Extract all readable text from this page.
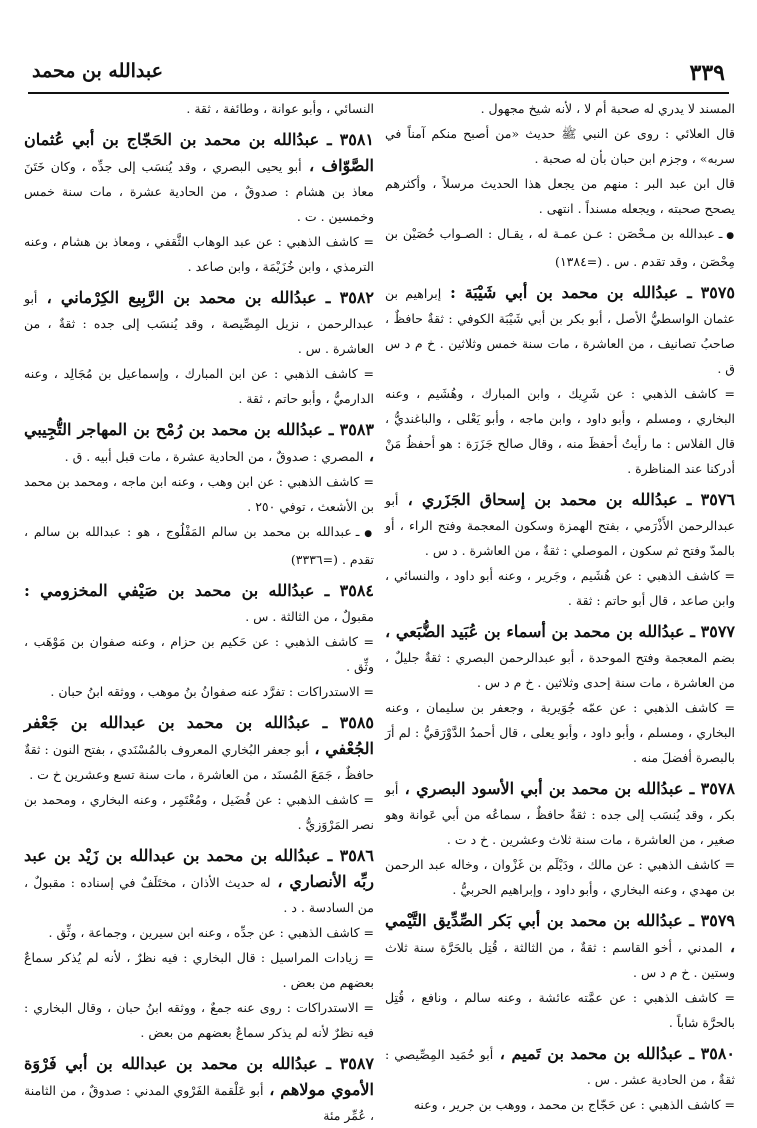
٣٣٩
عبدالله بن محمد

المسند لا يدري له صحبة أم لا ، لأنه شيخ مجهول .

قال العلائي : روى عن النبي ﷺ حديث «من أصبح منكم آمناً في سربه» ، وجزم ابن حبان بأن له صحبة .

قال ابن عبد البر : منهم من يجعل هذا الحديث مرسلاً ، وأكثرهم يصحح صحبته ، ويجعله مسنداً . انتهى .

● ـ عبدالله بن مـحْصَن : عـن عمـة له ، يقـال : الصـواب حُصَيْن بن مِحْصَن ، وقد تقدم . س . (=١٣٨٤)

٣٥٧٥ ـ عبدُالله بن محمد بن أبي شَيْبَة : إبراهيم بن عثمان الواسطيُّ الأصل ، أبو بكر بن أبي شَيْبَة الكوفي : ثقةٌ حافظٌ ، صاحبُ تصانيف ، من العاشرة ، مات سنة خمس وثلاثين . خ م د س ق .

= كاشف الذهبي : عن شَرِيك ، وابن المبارك ، وهُشَيم ، وعنه البخاري ، ومسلم ، وأبو داود ، وابن ماجه ، وأبو يَعْلى ، والباغنديُّ ، قال الفلاس : ما رأيتُ أحفظَ منه ، وقال صالح جَزَرَة : هو أحفظُ مَنْ أدركنا عند المناظرة .

٣٥٧٦ ـ عبدُالله بن محمد بن إسحاق الجَزَري ، أبو عبدالرحمن الأَذْرَمي ، بفتح الهمزة وسكون المعجمة وفتح الراء ، أو بالمدّ وفتح ثم سكون ، الموصلي : ثقةٌ ، من العاشرة . د س .

= كاشف الذهبي : عن هُشَيم ، وجَرير ، وعنه أبو داود ، والنسائي ، وابن صاعد ، قال أبو حاتم : ثقة .

٣٥٧٧ ـ عبدُالله بن محمد بن أسماء بن عُبَيد الضُّبَعي ، بضم المعجمة وفتح الموحدة ، أبو عبدالرحمن البصري : ثقةٌ جليلٌ ، من العاشرة ، مات سنة إحدى وثلاثين . خ م د س .

= كاشف الذهبي : عن عمّه جُوَيرية ، وجعفر بن سليمان ، وعنه البخاري ، ومسلم ، وأبو داود ، وأبو يعلى ، قال أحمدُ الدَّوْرَقيُّ : لم أرَ بالبصرة أفضلَ منه .

٣٥٧٨ ـ عبدُالله بن محمد بن أبي الأسود البصري ، أبو بكر ، وقد يُنسَب إلى جده : ثقةٌ حافظٌ ، سماعُه من أبي عَوانة وهو صغير ، من العاشرة ، مات سنة ثلاث وعشرين . خ د ت .

= كاشف الذهبي : عن مالك ، ودَيْلَم بن غَزْوان ، وخاله عبد الرحمن بن مهدي ، وعنه البخاري ، وأبو داود ، وإبراهيم الحربيُّ .

٣٥٧٩ ـ عبدُالله بن محمد بن أبي بَكر الصِّدِّيق التَّيْمي ، المدني ، أخو القاسم : ثقةٌ ، من الثالثة ، قُتِل بالحَرَّة سنة ثلاث وستين . خ م د س .

= كاشف الذهبي : عن عمَّته عائشة ، وعنه سالم ، ونافع ، قُتِل بالحرَّة شاباً .

٣٥٨٠ ـ عبدُالله بن محمد بن تَميم ، أبو حُمَيد المِصِّيصي : ثقةٌ ، من الحادية عشر . س .

= كاشف الذهبي : عن حَجّاج بن محمد ، ووهب بن جرير ، وعنه

النسائي ، وأبو عوانة ، وطائفة ، ثقة .

٣٥٨١ ـ عبدُالله بن محمد بن الحَجّاج بن أبي عُثمان الصَّوّاف ، أبو يحيى البصري ، وقد يُنسَب إلى جدِّه ، وكان خَتَنَ معاذ بن هشام : صدوقٌ ، من الحادية عشرة ، مات سنة خمس وخمسين . ت .

= كاشف الذهبي : عن عبد الوهاب الثَّقفي ، ومعاذ بن هشام ، وعنه الترمذي ، وابن خُزَيْمَة ، وابن صاعد .

٣٥٨٢ ـ عبدُالله بن محمد بن الرَّبِيع الكِرْماني ، أبو عبدالرحمن ، نزيل المِصِّيصة ، وقد يُنسَب إلى جده : ثقةٌ ، من العاشرة . س .

= كاشف الذهبي : عن ابن المبارك ، وإسماعيل بن مُجَالِد ، وعنه الدارميُّ ، وأبو حاتم ، ثقة .

٣٥٨٣ ـ عبدُالله بن محمد بن رُمْح بن المهاجر التُّجِيبي ، المصري : صدوقٌ ، من الحادية عشرة ، مات قبل أبيه . ق .

= كاشف الذهبي : عن ابن وهب ، وعنه ابن ماجه ، ومحمد بن محمد بن الأشعث ، توفي ٢٥٠ .

● ـ عبدالله بن محمد بن سالم المَفْلُوج ، هو : عبدالله بن سالم ، تقدم . (=٣٣٣٦)

٣٥٨٤ ـ عبدُالله بن محمد بن صَيْفي المخزومي : مقبولٌ ، من الثالثة . س .

= كاشف الذهبي : عن حَكيم بن حزام ، وعنه صفوان بن مَوْهَب ، وثِّق .

= الاستدراكات : تفرَّد عنه صفوانُ بنُ موهب ، ووثقه ابنُ حبان .

٣٥٨٥ ـ عبدُالله بن محمد بن عبدالله بن جَعْفر الجُعْفي ، أبو جعفر البُخاري المعروف بالمُسْنَدي ، بفتح النون : ثقةٌ حافظٌ ، جَمَعَ المُسنَد ، من العاشرة ، مات سنة تسع وعشرين خ ت .

= كاشف الذهبي : عن فُضَيل ، ومُعْتَمِر ، وعنه البخاري ، ومحمد بن نصر المَرْوَزيُّ .

٣٥٨٦ ـ عبدُالله بن محمد بن عبدالله بن زَيْد بن عبد ربِّه الأنصاري ، له حديث الأذان ، مختَلَفٌ في إسناده : مقبولٌ ، من السادسة . د .

= كاشف الذهبي : عن جدِّه ، وعنه ابن سيرين ، وجماعة ، وثِّق .

= زيادات المراسيل : قال البخاري : فيه نظرٌ ، لأنه لم يُذكر سماعٌ بعضهم من بعض .

= الاستدراكات : روى عنه جمعٌ ، ووثقه ابنُ حبان ، وقال البخاري : فيه نظرٌ لأنه لم يذكر سماعٌ بعضهم من بعض .

٣٥٨٧ ـ عبدُالله بن محمد بن عبدالله بن أبي فَرْوَة الأموي مولاهم ، أبو عَلْقمة الفَرْوي المدني : صدوقٌ ، من الثامنة ، عُمِّر مئة
